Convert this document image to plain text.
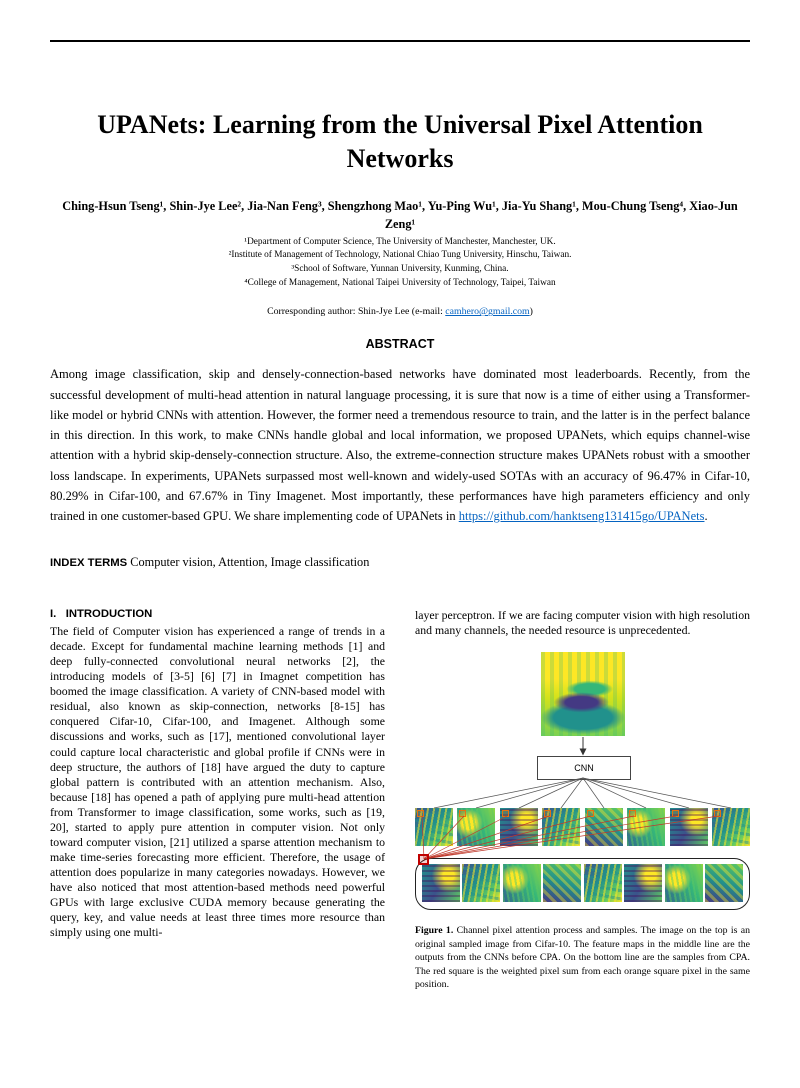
UPANets: Learning from the Universal Pixel Attention Networks
Ching-Hsun Tseng¹, Shin-Jye Lee², Jia-Nan Feng³, Shengzhong Mao¹, Yu-Ping Wu¹, Jia-Yu Shang¹, Mou-Chung Tseng⁴, Xiao-Jun Zeng¹
¹Department of Computer Science, The University of Manchester, Manchester, UK.
²Institute of Management of Technology, National Chiao Tung University, Hinschu, Taiwan.
³School of Software, Yunnan University, Kunming, China.
⁴College of Management, National Taipei University of Technology, Taipei, Taiwan
Corresponding author: Shin-Jye Lee (e-mail: camhero@gmail.com)
ABSTRACT

Among image classification, skip and densely-connection-based networks have dominated most leaderboards. Recently, from the successful development of multi-head attention in natural language processing, it is sure that now is a time of either using a Transformer-like model or hybrid CNNs with attention. However, the former need a tremendous resource to train, and the latter is in the perfect balance in this direction. In this work, to make CNNs handle global and local information, we proposed UPANets, which equips channel-wise attention with a hybrid skip-densely-connection structure. Also, the extreme-connection structure makes UPANets robust with a smoother loss landscape. In experiments, UPANets surpassed most well-known and widely-used SOTAs with an accuracy of 96.47% in Cifar-10, 80.29% in Cifar-100, and 67.67% in Tiny Imagenet. Most importantly, these performances have high parameters efficiency and only trained in one customer-based GPU. We share implementing code of UPANets in https://github.com/hanktseng131415go/UPANets.

INDEX TERMS Computer vision, Attention, Image classification
I.   INTRODUCTION

The field of Computer vision has experienced a range of trends in a decade. Except for fundamental machine learning methods [1] and deep fully-connected convolutional neural networks [2], the introducing models of [3-5] [6] [7] in Imagnet competition has boomed the image classification. A variety of CNN-based model with residual, also known as skip-connection, networks [8-15] has conquered Cifar-10, Cifar-100, and Imagenet. Although some discussions and works, such as [17], mentioned convolutional layer could capture local characteristic and global profile if CNNs were in deep structure, the authors of [18] have argued the duty to capture global pattern is contributed with an attention mechanism. Also, because [18] has opened a path of applying pure multi-head attention from Transformer to image classification, some works, such as [19, 20], started to apply pure attention in computer vision. Not only toward computer vision, [21] utilized a sparse attention mechanism to make time-series forecasting more efficient. Therefore, the usage of attention does popularize in many categories nowadays. However, we have also noticed that most attention-based methods need powerful GPUs with large exclusive CUDA memory because generating the query, key, and value needs at least three times more resource than simply using one multi-

layer perceptron. If we are facing computer vision with high resolution and many channels, the needed resource is unprecedented.

CNN
Figure 1. Channel pixel attention process and samples. The image on the top is an original sampled image from Cifar-10. The feature maps in the middle line are the outputs from the CNNs before CPA. On the bottom line are the samples from CPA. The red square is the weighted pixel sum from each orange square pixel in the same position.
